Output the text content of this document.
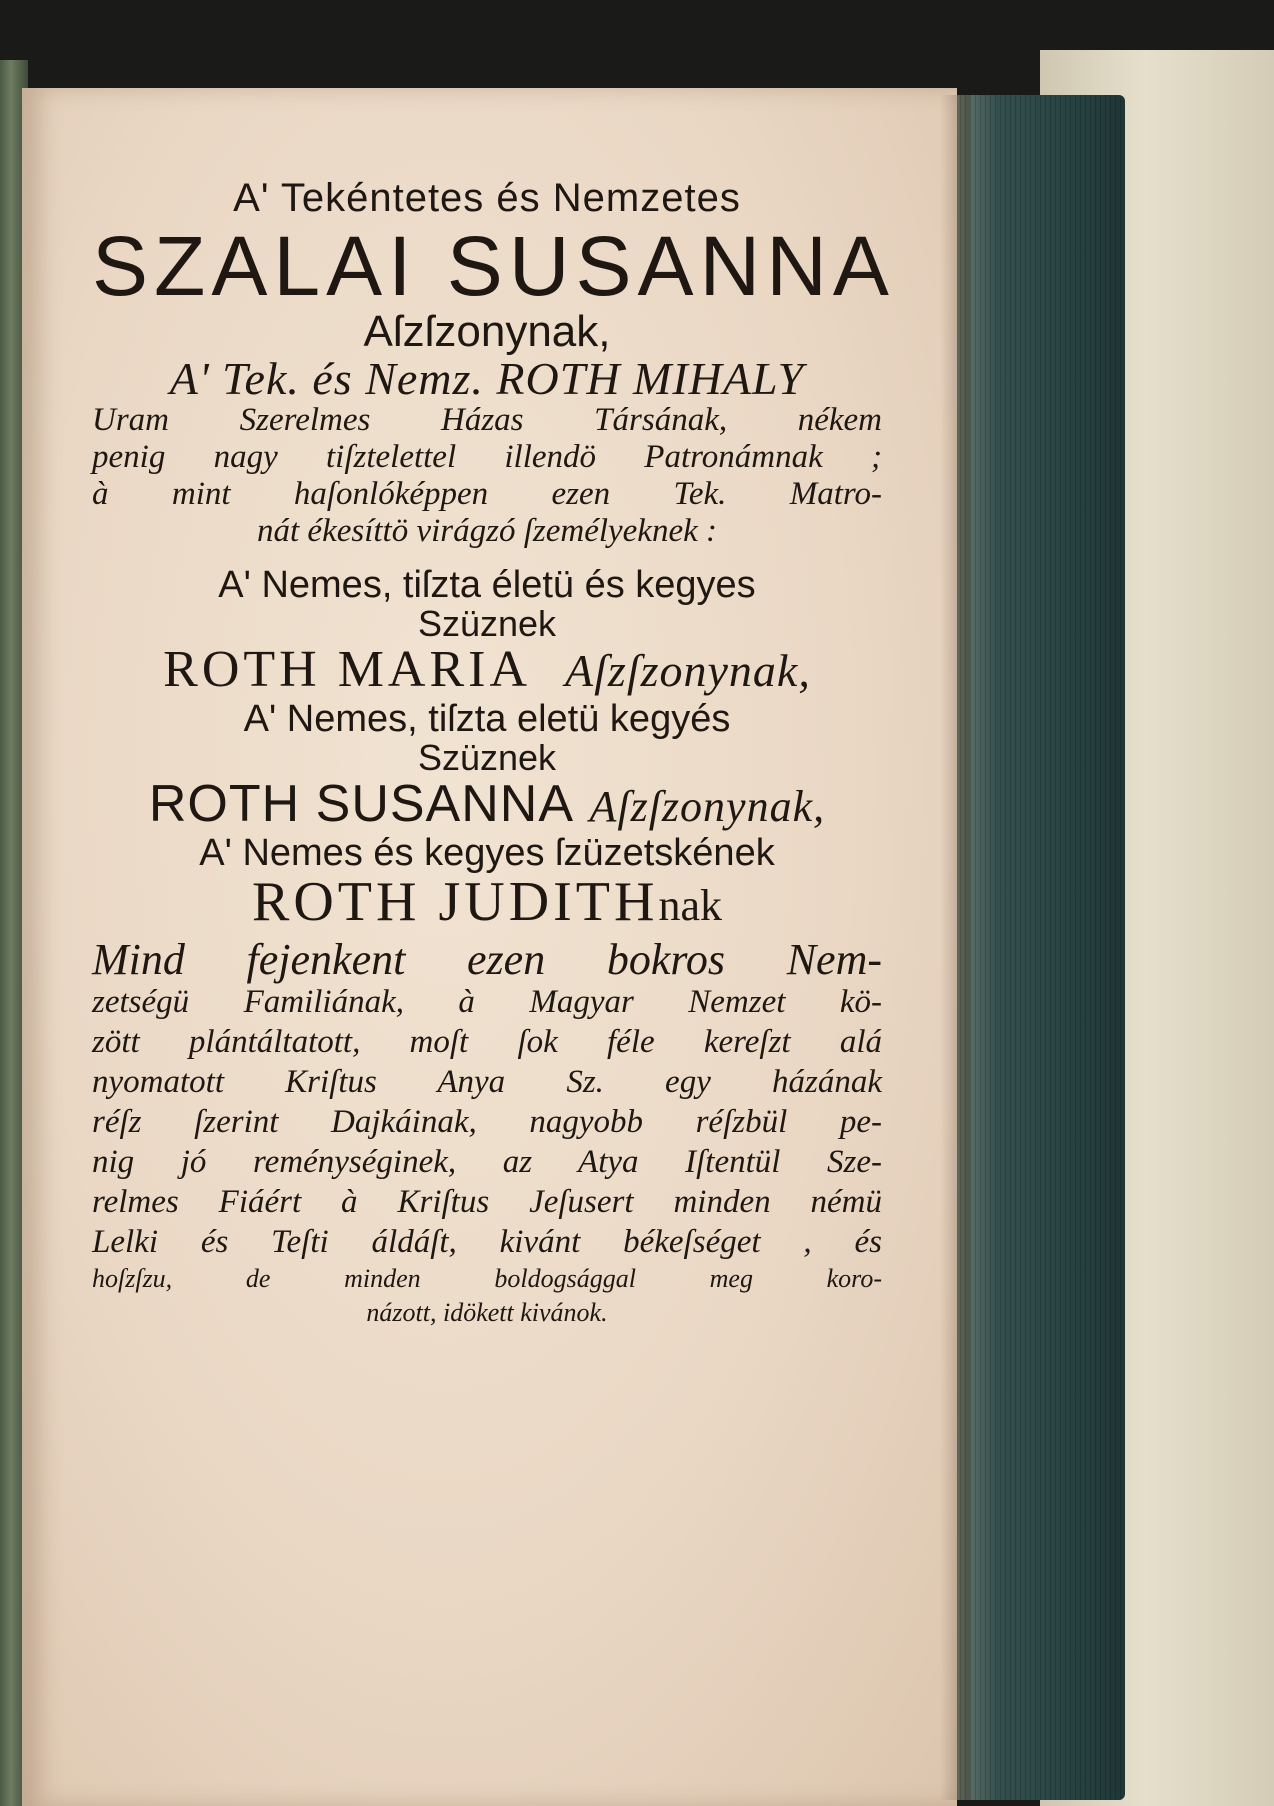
A' Tekéntetes és Nemzetes
SZALAI SUSANNA
Aſzſzonynak,
A' Tek. és Nemz. ROTH MIHALY
Uram Szerelmes Házas Társának, nékem
penig nagy tiſztelettel illendö Patronámnak ;
à mint haſonlóképpen ezen Tek. Matro-
nát ékesíttö virágzó ſzemélyeknek :
A' Nemes, tiſzta életü és kegyes
Szüznek
ROTH MARIA Aſzſzonynak,
A' Nemes, tiſzta eletü kegyés
Szüznek
ROTH SUSANNA Aſzſzonynak,
A' Nemes és kegyes ſzüzetskének
ROTH JUDITHnak
Mind fejenkent ezen bokros Nem-
zetségü Familiának, à Magyar Nemzet kö-
zött plántáltatott, moſt ſok féle kereſzt alá
nyomatott Kriſtus Anya Sz. egy házának
réſz ſzerint Dajkáinak, nagyobb réſzbül pe-
nig jó reménységinek, az Atya Iſtentül Sze-
relmes Fiáért à Kriſtus Jeſusert minden némü
Lelki és Teſti áldáſt, kivánt békeſséget , és
hoſzſzu, de minden boldogsággal meg koro-
názott, idökett kivánok.
